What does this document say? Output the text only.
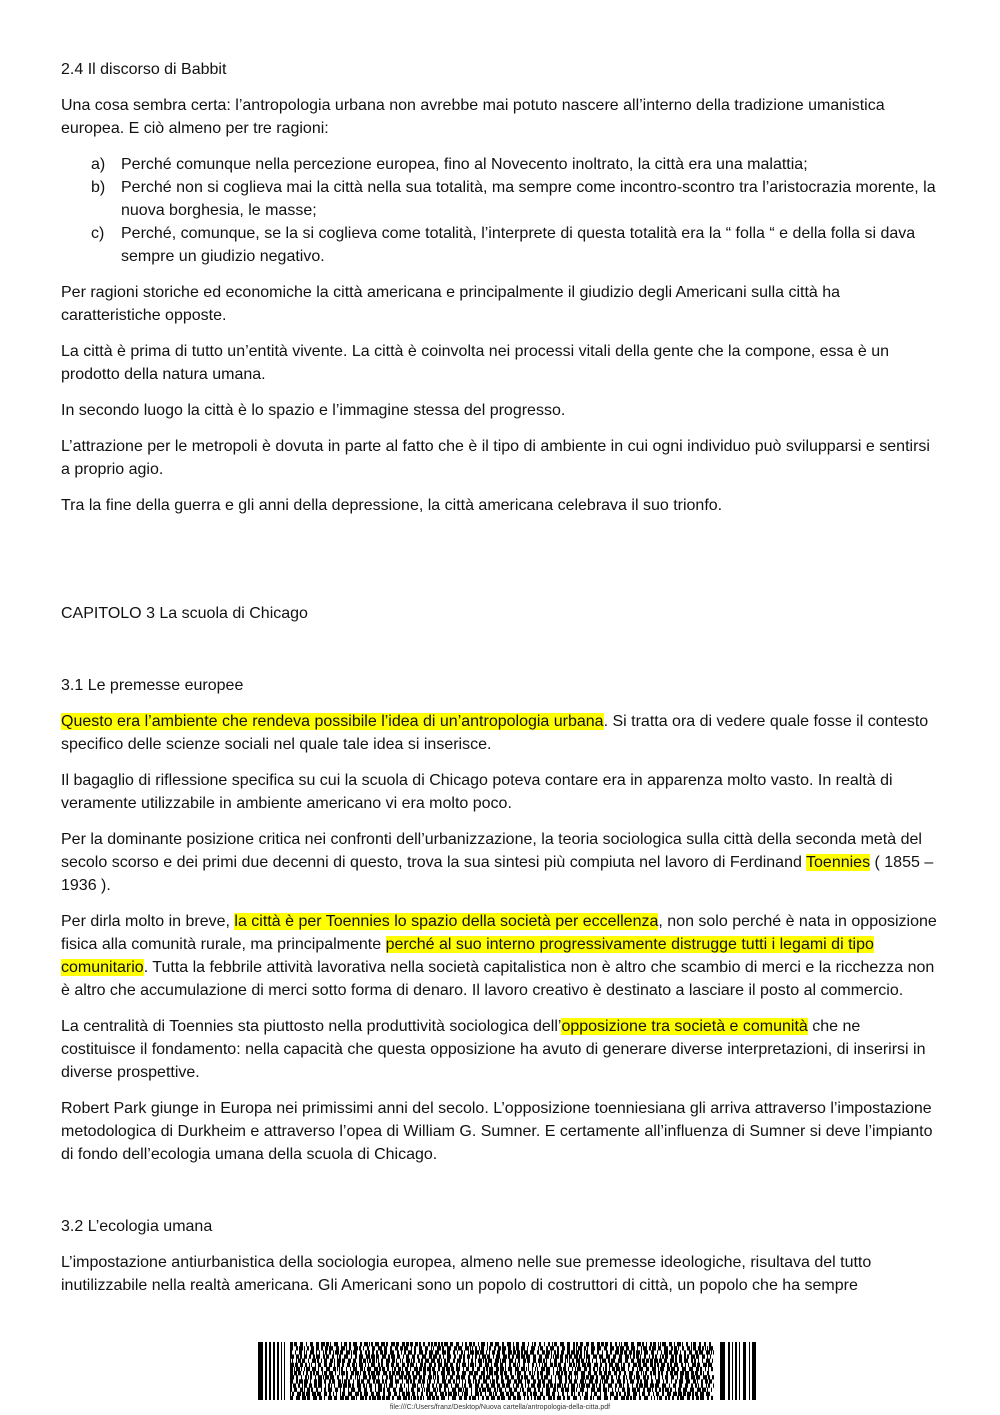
2.4 Il discorso di Babbit

Una cosa sembra certa: l’antropologia urbana non avrebbe mai potuto nascere all’interno della tradizione umanistica europea. E ciò almeno per tre ragioni:

a) Perché comunque nella percezione europea, fino al Novecento inoltrato, la città era una malattia;
b) Perché non si coglieva mai la città nella sua totalità, ma sempre come incontro-scontro tra l’aristocrazia morente, la nuova borghesia, le masse;
c) Perché, comunque, se la si coglieva come totalità, l’interprete di questa totalità era la “ folla “ e della folla si dava sempre un giudizio negativo.

Per ragioni storiche ed economiche la città americana e principalmente il giudizio degli Americani sulla città ha caratteristiche opposte.

La città è prima di tutto un’entità vivente. La città è coinvolta nei processi vitali della gente che la compone, essa è un prodotto della natura umana.

In secondo luogo la città è lo spazio e l’immagine stessa del progresso.

L’attrazione per le metropoli è dovuta in parte al fatto che è il tipo di ambiente in cui ogni individuo può svilupparsi e sentirsi a proprio agio.

Tra la fine della guerra e gli anni della depressione, la città americana celebrava il suo trionfo.

CAPITOLO 3 La scuola di Chicago
3.1 Le premesse europee

Questo era l’ambiente che rendeva possibile l’idea di un’antropologia urbana. Si tratta ora di vedere quale fosse il contesto specifico delle scienze sociali nel quale tale idea si inserisce.

Il bagaglio di riflessione specifica su cui la scuola di Chicago poteva contare era in apparenza molto vasto. In realtà di veramente utilizzabile in ambiente americano vi era molto poco.

Per la dominante posizione critica nei confronti dell’urbanizzazione, la teoria sociologica sulla città della seconda metà del secolo scorso e dei primi due decenni di questo, trova la sua sintesi più compiuta nel lavoro di Ferdinand Toennies ( 1855 – 1936 ).

Per dirla molto in breve, la città è per Toennies lo spazio della società per eccellenza, non solo perché è nata in opposizione fisica alla comunità rurale, ma principalmente perché al suo interno progressivamente distrugge tutti i legami di tipo comunitario. Tutta la febbrile attività lavorativa nella società capitalistica non è altro che scambio di merci e la ricchezza non è altro che accumulazione di merci sotto forma di denaro. Il lavoro creativo è destinato a lasciare il posto al commercio.

La centralità di Toennies sta piuttosto nella produttività sociologica dell’opposizione tra società e comunità che ne costituisce il fondamento: nella capacità che questa opposizione ha avuto di generare diverse interpretazioni, di inserirsi in diverse prospettive.

Robert Park giunge in Europa nei primissimi anni del secolo. L’opposizione toenniesiana gli arriva attraverso l’impostazione metodologica di Durkheim e attraverso l’opea di William G. Sumner. E certamente all’influenza di Sumner si deve l’impianto di fondo dell’ecologia umana della scuola di Chicago.

3.2 L’ecologia umana

L’impostazione antiurbanistica della sociologia europea, almeno nelle sue premesse ideologiche, risultava del tutto inutilizzabile nella realtà americana. Gli Americani sono un popolo di costruttori di città, un popolo che ha sempre

file:///C:/Users/franz/Desktop/Nuova cartella/antropologia-della-citta.pdf
